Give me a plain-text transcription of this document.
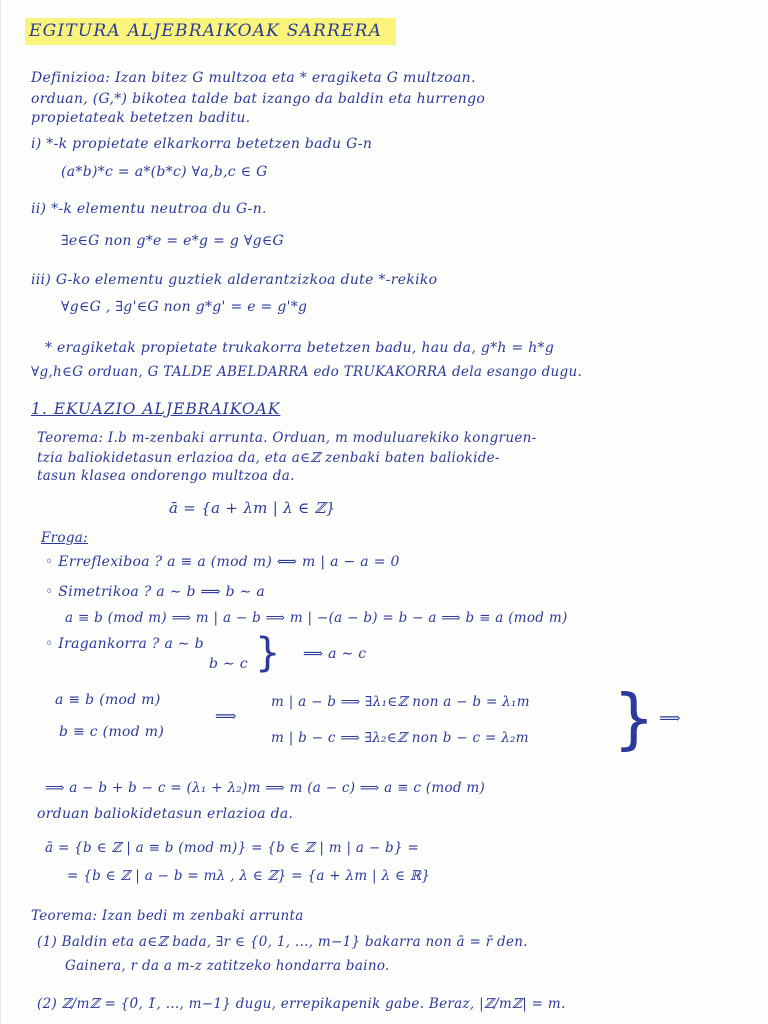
EGITURA ALJEBRAIKOAK SARRERA
Definizioa: Izan bitez G multzoa eta * eragiketa G multzoan.
orduan, (G,*) bikotea talde bat izango da baldin eta hurrengo
propietateak betetzen baditu.
i) *-k propietate elkarkorra betetzen badu G-n
(a*b)*c = a*(b*c) ∀a,b,c ∈ G
ii) *-k elementu neutroa du G-n.
∃e∈G non g*e = e*g = g ∀g∈G
iii) G-ko elementu guztiek alderantzizkoa dute *-rekiko
∀g∈G , ∃g'∈G non g*g' = e = g'*g
* eragiketak propietate trukakorra betetzen badu, hau da, g*h = h*g
∀g,h∈G orduan, G TALDE ABELDARRA edo TRUKAKORRA dela esango dugu.
1. EKUAZIO ALJEBRAIKOAK
Teorema: I.b m-zenbaki arrunta. Orduan, m moduluarekiko kongruen-
tzia baliokidetasun erlazioa da, eta a∈ℤ zenbaki baten baliokide-
tasun klasea ondorengo multzoa da.
ā = {a + λm | λ ∈ ℤ}
Froga:
◦ Erreflexiboa ? a ≡ a (mod m) ⟺ m | a − a = 0
◦ Simetrikoa ? a ∼ b ⟹ b ∼ a
a ≡ b (mod m) ⟹ m | a − b ⟹ m | −(a − b) = b − a ⟹ b ≡ a (mod m)
◦ Iragankorra ? a ∼ b
b ∼ c } ⟹ a ∼ c
a ≡ b (mod m)
b ≡ c (mod m)
⟹
m | a − b ⟹ ∃λ₁∈ℤ non a − b = λ₁m
m | b − c ⟹ ∃λ₂∈ℤ non b − c = λ₂m } ⟹
⟹ a − b + b − c = (λ₁ + λ₂)m ⟹ m (a − c) ⟹ a ≡ c (mod m)
orduan baliokidetasun erlazioa da.
ā = {b ∈ ℤ | a ≡ b (mod m)} = {b ∈ ℤ | m | a − b} =
= {b ∈ ℤ | a − b = mλ , λ ∈ ℤ} = {a + λm | λ ∈ ℝ}
Teorema: Izan bedi m zenbaki arrunta
(1) Baldin eta a∈ℤ bada, ∃r ∈ {0, 1, ..., m−1} bakarra non ā = r̄ den.
Gainera, r da a m-z zatitzeko hondarra baino.
(2) ℤ/mℤ = {0̄, 1̄, ..., m−1} dugu, errepikapenik gabe. Beraz, |ℤ/mℤ| = m.
